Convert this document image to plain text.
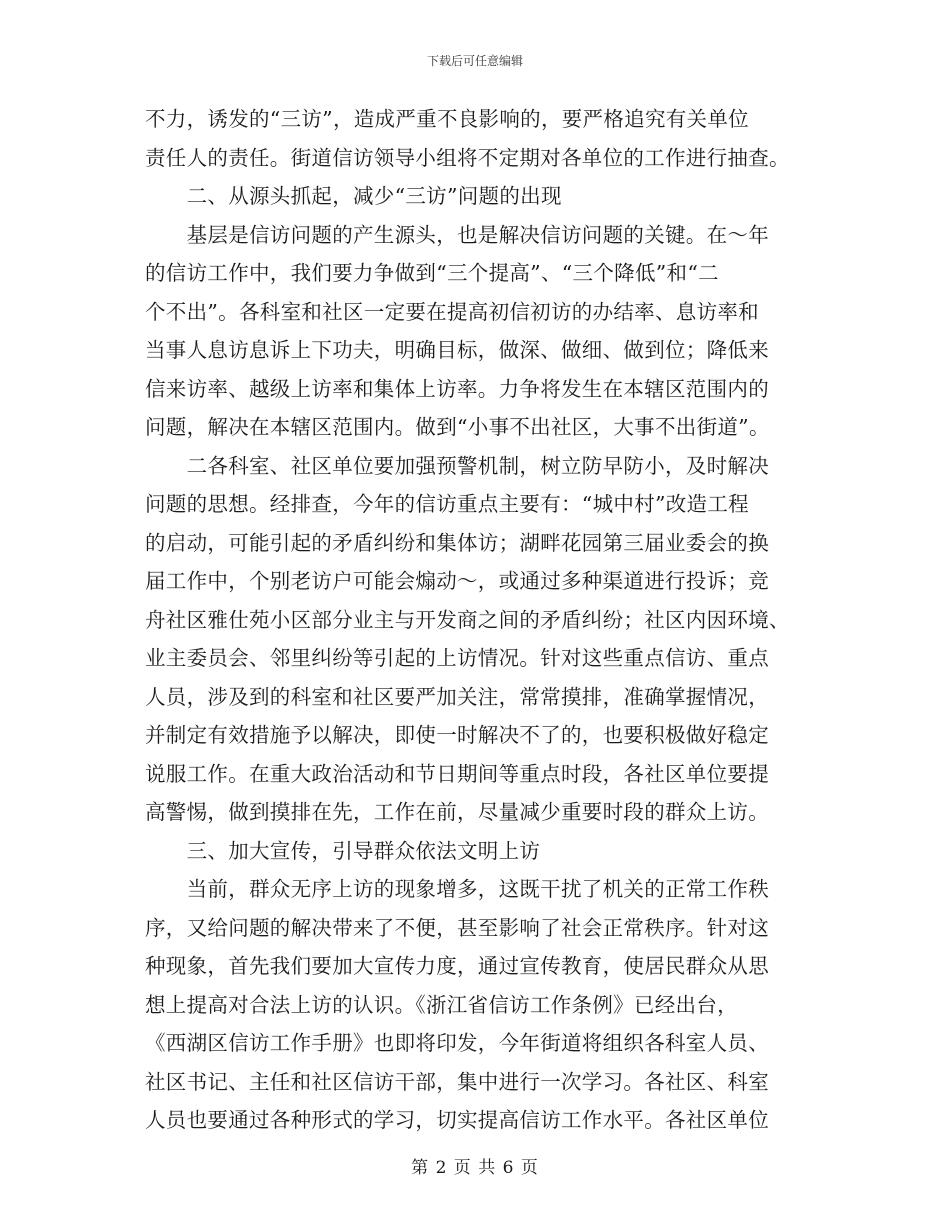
下载后可任意编辑
不力，诱发的“三访”，造成严重不良影响的，要严格追究有关单位
责任人的责任。街道信访领导小组将不定期对各单位的工作进行抽查。
　　二、从源头抓起，减少“三访”问题的出现
　　基层是信访问题的产生源头，也是解决信访问题的关键。在～年
的信访工作中，我们要力争做到“三个提高”、“三个降低”和“二
个不出”。各科室和社区一定要在提高初信初访的办结率、息访率和
当事人息访息诉上下功夫，明确目标，做深、做细、做到位；降低来
信来访率、越级上访率和集体上访率。力争将发生在本辖区范围内的
问题，解决在本辖区范围内。做到“小事不出社区，大事不出街道”。
　　二各科室、社区单位要加强预警机制，树立防早防小，及时解决
问题的思想。经排查，今年的信访重点主要有：“城中村”改造工程
的启动，可能引起的矛盾纠纷和集体访；湖畔花园第三届业委会的换
届工作中，个别老访户可能会煽动～，或通过多种渠道进行投诉；竞
舟社区雅仕苑小区部分业主与开发商之间的矛盾纠纷；社区内因环境、
业主委员会、邻里纠纷等引起的上访情况。针对这些重点信访、重点
人员，涉及到的科室和社区要严加关注，常常摸排，准确掌握情况，
并制定有效措施予以解决，即使一时解决不了的，也要积极做好稳定
说服工作。在重大政治活动和节日期间等重点时段，各社区单位要提
高警惕，做到摸排在先，工作在前，尽量减少重要时段的群众上访。
　　三、加大宣传，引导群众依法文明上访
　　当前，群众无序上访的现象增多，这既干扰了机关的正常工作秩
序，又给问题的解决带来了不便，甚至影响了社会正常秩序。针对这
种现象，首先我们要加大宣传力度，通过宣传教育，使居民群众从思
想上提高对合法上访的认识。《浙江省信访工作条例》已经出台，
《西湖区信访工作手册》也即将印发，今年街道将组织各科室人员、
社区书记、主任和社区信访干部，集中进行一次学习。各社区、科室
人员也要通过各种形式的学习，切实提高信访工作水平。各社区单位
第 2 页 共 6 页
